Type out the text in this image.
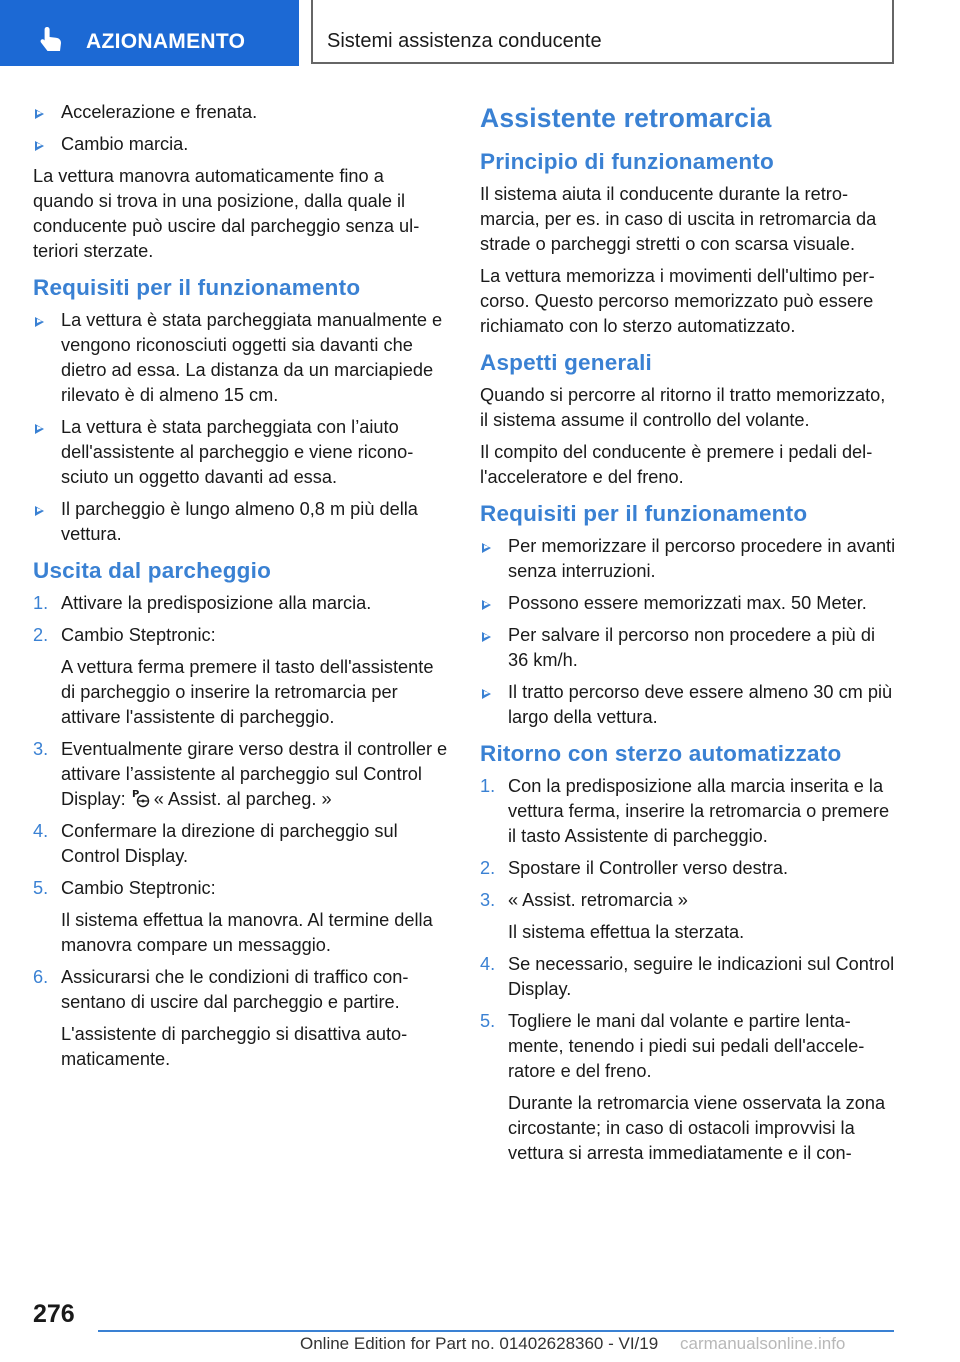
AZIONAMENTO	Sistemi assistenza conducente
Accelerazione e frenata.
Cambio marcia.

La vettura manovra automaticamente fino a quando si trova in una posizione, dalla quale il conducente può uscire dal parcheggio senza ulteriori sterzate.

Requisiti per il funzionamento
La vettura è stata parcheggiata manualmente e vengono riconosciuti oggetti sia davanti che dietro ad essa. La distanza da un marciapiede rilevato è di almeno 15 cm.
La vettura è stata parcheggiata con l’aiuto dell'assistente al parcheggio e viene riconosciuto un oggetto davanti ad essa.
Il parcheggio è lungo almeno 0,8 m più della vettura.
Uscita dal parcheggio
1. Attivare la predisposizione alla marcia.
2. Cambio Steptronic:
A vettura ferma premere il tasto dell'assistente di parcheggio o inserire la retromarcia per attivare l'assistente di parcheggio.
3. Eventualmente girare verso destra il controller e attivare l’assistente al parcheggio sul Control Display: P « Assist. al parcheg. »
4. Confermare la direzione di parcheggio sul Control Display.
5. Cambio Steptronic:
Il sistema effettua la manovra. Al termine della manovra compare un messaggio.
6. Assicurarsi che le condizioni di traffico consentano di uscire dal parcheggio e partire.
L'assistente di parcheggio si disattiva automaticamente.
Assistente retromarcia
Principio di funzionamento

Il sistema aiuta il conducente durante la retromarcia, per es. in caso di uscita in retromarcia da strade o parcheggi stretti o con scarsa visuale.

La vettura memorizza i movimenti dell'ultimo percorso. Questo percorso memorizzato può essere richiamato con lo sterzo automatizzato.

Aspetti generali

Quando si percorre al ritorno il tratto memorizzato, il sistema assume il controllo del volante.

Il compito del conducente è premere i pedali dell'acceleratore e del freno.

Requisiti per il funzionamento
Per memorizzare il percorso procedere in avanti senza interruzioni.
Possono essere memorizzati max. 50 Meter.
Per salvare il percorso non procedere a più di 36 km/h.
Il tratto percorso deve essere almeno 30 cm più largo della vettura.
Ritorno con sterzo automatizzato
1. Con la predisposizione alla marcia inserita e la vettura ferma, inserire la retromarcia o premere il tasto Assistente di parcheggio.
2. Spostare il Controller verso destra.
3. « Assist. retromarcia »
Il sistema effettua la sterzata.
4. Se necessario, seguire le indicazioni sul Control Display.
5. Togliere le mani dal volante e partire lentamente, tenendo i piedi sui pedali dell'acceleratore e del freno.
Durante la retromarcia viene osservata la zona circostante; in caso di ostacoli improvvisi la vettura si arresta immediatamente e il con-
276
Online Edition for Part no. 01402628360 - VI/19 carmanualsonline.info
